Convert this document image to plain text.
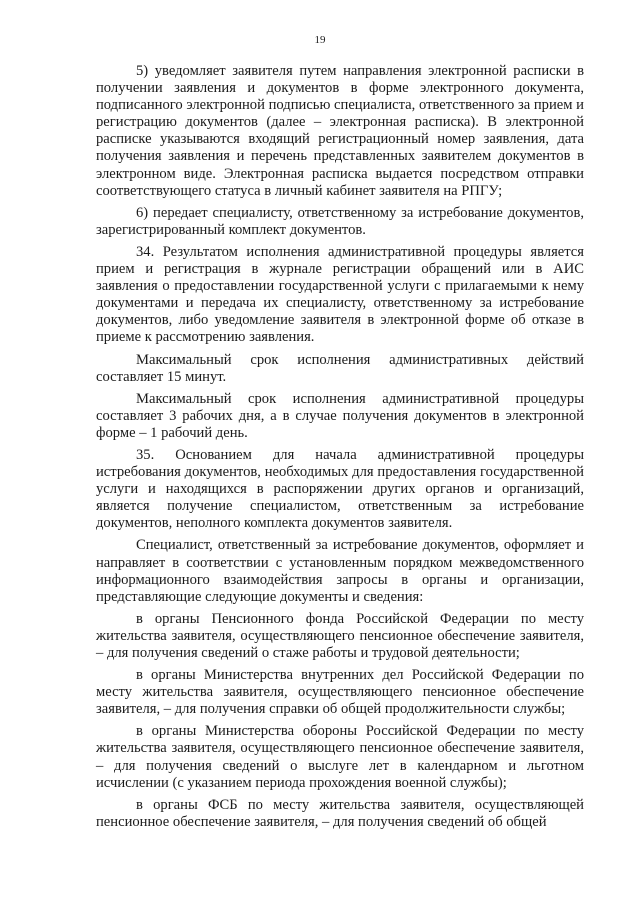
19

5) уведомляет заявителя путем направления электронной расписки в получении заявления и документов в форме электронного документа, подписанного электронной подписью специалиста, ответственного за прием и регистрацию документов (далее – электронная расписка). В электронной расписке указываются входящий регистрационный номер заявления, дата получения заявления и перечень представленных заявителем документов в электронном виде. Электронная расписка выдается посредством отправки соответствующего статуса в личный кабинет заявителя на РПГУ;

6) передает специалисту, ответственному за истребование документов, зарегистрированный комплект документов.

34. Результатом исполнения административной процедуры является прием и регистрация в журнале регистрации обращений или в АИС заявления о предоставлении государственной услуги с прилагаемыми к нему документами и передача их специалисту, ответственному за истребование документов, либо уведомление заявителя в электронной форме об отказе в приеме к рассмотрению заявления.

Максимальный срок исполнения административных действий составляет 15 минут.

Максимальный срок исполнения административной процедуры составляет 3 рабочих дня, а в случае получения документов в электронной форме – 1 рабочий день.

35. Основанием для начала административной процедуры истребования документов, необходимых для предоставления государственной услуги и находящихся в распоряжении других органов и организаций, является получение специалистом, ответственным за истребование документов, неполного комплекта документов заявителя.

Специалист, ответственный за истребование документов, оформляет и направляет в соответствии с установленным порядком межведомственного информационного взаимодействия запросы в органы и организации, представляющие следующие документы и сведения:

в органы Пенсионного фонда Российской Федерации по месту жительства заявителя, осуществляющего пенсионное обеспечение заявителя, – для получения сведений о стаже работы и трудовой деятельности;

в органы Министерства внутренних дел Российской Федерации по месту жительства заявителя, осуществляющего пенсионное обеспечение заявителя, – для получения справки об общей продолжительности службы;

в органы Министерства обороны Российской Федерации по месту жительства заявителя, осуществляющего пенсионное обеспечение заявителя, – для получения сведений о выслуге лет в календарном и льготном исчислении (с указанием периода прохождения военной службы);

в органы ФСБ по месту жительства заявителя, осуществляющей пенсионное обеспечение заявителя, – для получения сведений об общей
